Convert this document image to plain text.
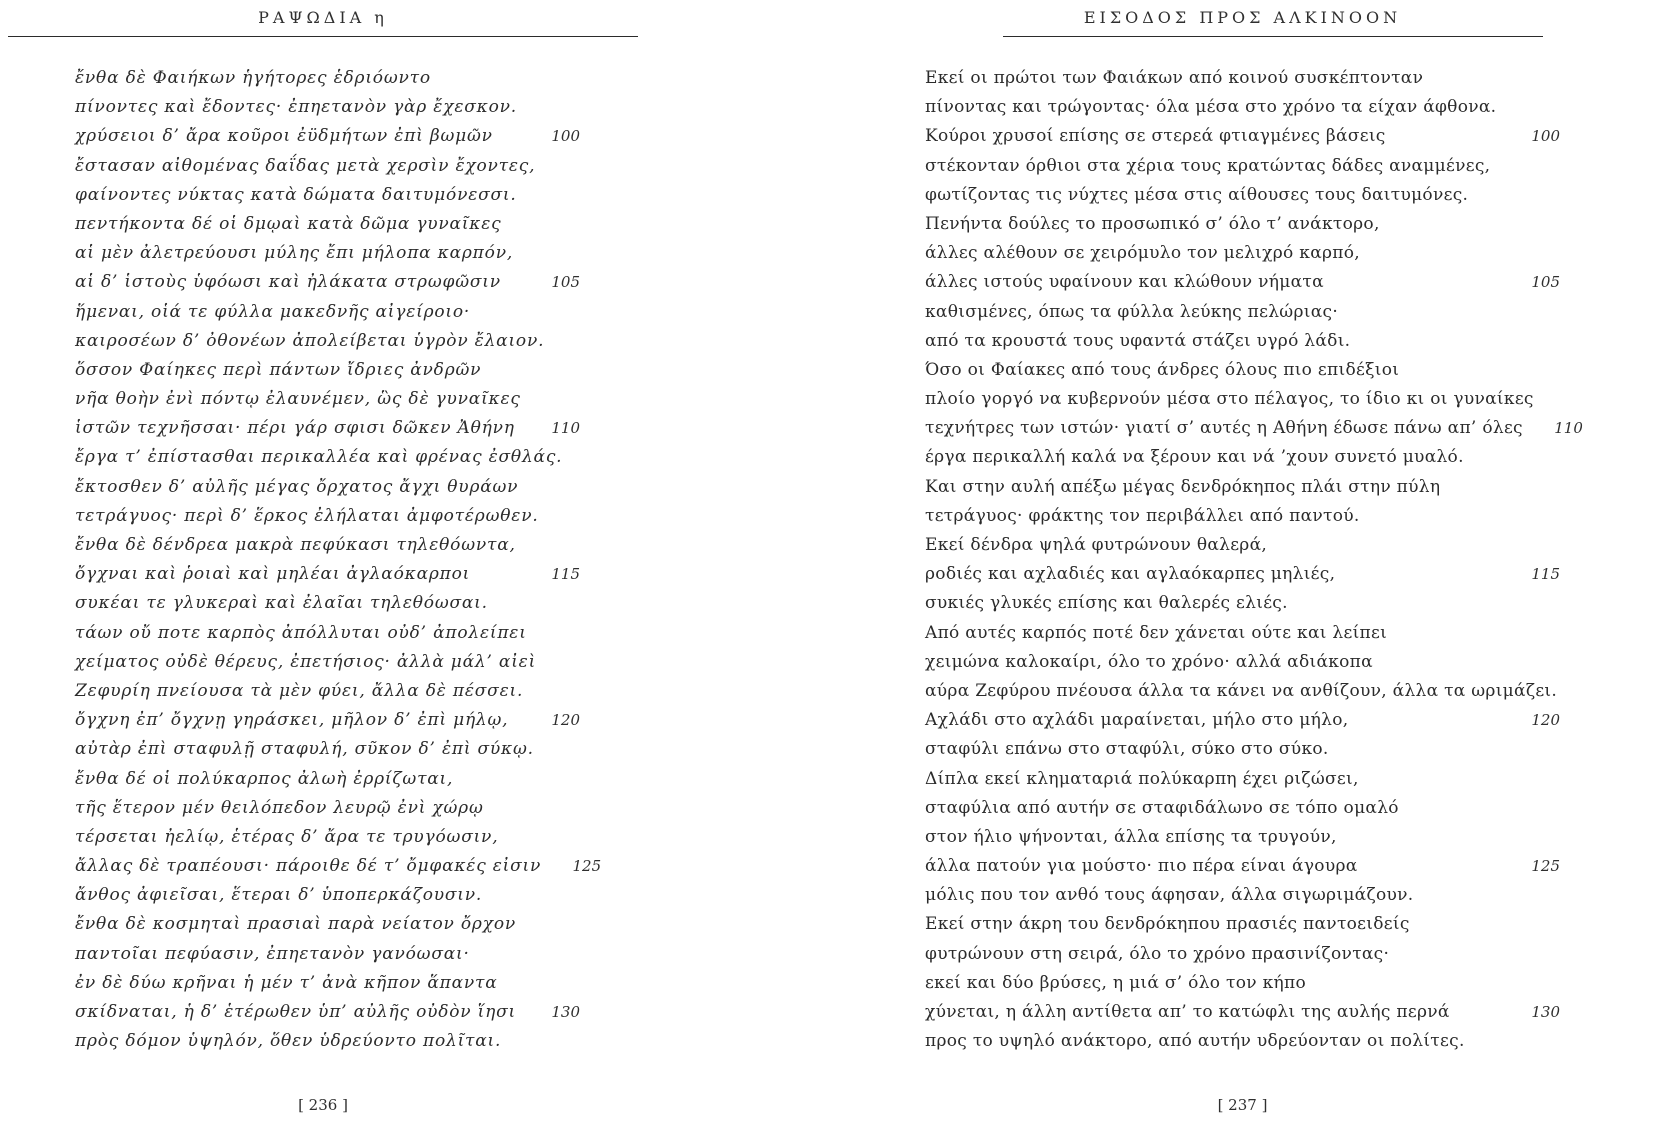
ΡΑΨΩΔΙΑ η
ἔνθα δὲ Φαιήκων ἡγήτορες ἑδριόωντο
πίνοντες καὶ ἔδοντες· ἐπηετανὸν γὰρ ἔχεσκον.
χρύσειοι δ’ ἄρα κοῦροι ἐϋδμήτων ἐπὶ βωμῶν	100
ἔστασαν αἰθομένας δαΐδας μετὰ χερσὶν ἔχοντες,
φαίνοντες νύκτας κατὰ δώματα δαιτυμόνεσσι.
πεντήκοντα δέ οἱ δμῳαὶ κατὰ δῶμα γυναῖκες
αἱ μὲν ἀλετρεύουσι μύλης ἔπι μήλοπα καρπόν,
αἱ δ’ ἱστοὺς ὑφόωσι καὶ ἠλάκατα στρωφῶσιν	105
ἥμεναι, οἱά τε φύλλα μακεδνῆς αἰγείροιο·
καιροσέων δ’ ὀθονέων ἀπολείβεται ὑγρὸν ἔλαιον.
ὅσσον Φαίηκες περὶ πάντων ἴδριες ἀνδρῶν
νῆα θοὴν ἐνὶ πόντῳ ἐλαυνέμεν, ὣς δὲ γυναῖκες
ἱστῶν τεχνῆσσαι· πέρι γάρ σφισι δῶκεν Ἀθήνη	110
ἔργα τ’ ἐπίστασθαι περικαλλέα καὶ φρένας ἐσθλάς.
ἔκτοσθεν δ’ αὐλῆς μέγας ὄρχατος ἄγχι θυράων
τετράγυος· περὶ δ’ ἕρκος ἐλήλαται ἀμφοτέρωθεν.
ἔνθα δὲ δένδρεα μακρὰ πεφύκασι τηλεθόωντα,
ὄγχναι καὶ ῥοιαὶ καὶ μηλέαι ἀγλαόκαρποι	115
συκέαι τε γλυκεραὶ καὶ ἐλαῖαι τηλεθόωσαι.
τάων οὔ ποτε καρπὸς ἀπόλλυται οὐδ’ ἀπολείπει
χείματος οὐδὲ θέρευς, ἐπετήσιος· ἀλλὰ μάλ’ αἰεὶ
Ζεφυρίη πνείουσα τὰ μὲν φύει, ἄλλα δὲ πέσσει.
ὄγχνη ἐπ’ ὄγχνῃ γηράσκει, μῆλον δ’ ἐπὶ μήλῳ,	120
αὐτὰρ ἐπὶ σταφυλῇ σταφυλή, σῦκον δ’ ἐπὶ σύκῳ.
ἔνθα δέ οἱ πολύκαρπος ἀλωὴ ἐρρίζωται,
τῆς ἕτερον μέν θειλόπεδον λευρῷ ἐνὶ χώρῳ
τέρσεται ἠελίῳ, ἑτέρας δ’ ἄρα τε τρυγόωσιν,
ἄλλας δὲ τραπέουσι· πάροιθε δέ τ’ ὄμφακές εἰσιν	125
ἄνθος ἀφιεῖσαι, ἕτεραι δ’ ὑποπερκάζουσιν.
ἔνθα δὲ κοσμηταὶ πρασιαὶ παρὰ νείατον ὄρχον
παντοῖαι πεφύασιν, ἐπηετανὸν γανόωσαι·
ἐν δὲ δύω κρῆναι ἡ μέν τ’ ἀνὰ κῆπον ἅπαντα
σκίδναται, ἡ δ’ ἑτέρωθεν ὑπ’ αὐλῆς οὐδὸν ἵησι	130
πρὸς δόμον ὑψηλόν, ὅθεν ὑδρεύοντο πολῖται.
[ 236 ]
ΕΙΣΟΔΟΣ ΠΡΟΣ ΑΛΚΙΝΟΟΝ
Εκεί οι πρώτοι των Φαιάκων από κοινού συσκέπτονταν
πίνοντας και τρώγοντας· όλα μέσα στο χρόνο τα είχαν άφθονα.
Κούροι χρυσοί επίσης σε στερεά φτιαγμένες βάσεις	100
στέκονταν όρθιοι στα χέρια τους κρατώντας δάδες αναμμένες,
φωτίζοντας τις νύχτες μέσα στις αίθουσες τους δαιτυμόνες.
Πενήντα δούλες το προσωπικό σ’ όλο τ’ ανάκτορο,
άλλες αλέθουν σε χειρόμυλο τον μελιχρό καρπό,
άλλες ιστούς υφαίνουν και κλώθουν νήματα	105
καθισμένες, όπως τα φύλλα λεύκης πελώριας·
από τα κρουστά τους υφαντά στάζει υγρό λάδι.
Όσο οι Φαίακες από τους άνδρες όλους πιο επιδέξιοι
πλοίο γοργό να κυβερνούν μέσα στο πέλαγος, το ίδιο κι οι γυναίκες
τεχνήτρες των ιστών· γιατί σ’ αυτές η Αθήνη έδωσε πάνω απ’ όλες	110
έργα περικαλλή καλά να ξέρουν και νά ’χουν συνετό μυαλό.
Και στην αυλή απέξω μέγας δενδρόκηπος πλάι στην πύλη
τετράγυος· φράκτης τον περιβάλλει από παντού.
Εκεί δένδρα ψηλά φυτρώνουν θαλερά,
ροδιές και αχλαδιές και αγλαόκαρπες μηλιές,	115
συκιές γλυκές επίσης και θαλερές ελιές.
Από αυτές καρπός ποτέ δεν χάνεται ούτε και λείπει
χειμώνα καλοκαίρι, όλο το χρόνο· αλλά αδιάκοπα
αύρα Ζεφύρου πνέουσα άλλα τα κάνει να ανθίζουν, άλλα τα ωριμάζει.
Αχλάδι στο αχλάδι μαραίνεται, μήλο στο μήλο,	120
σταφύλι επάνω στο σταφύλι, σύκο στο σύκο.
Δίπλα εκεί κληματαριά πολύκαρπη έχει ριζώσει,
σταφύλια από αυτήν σε σταφιδάλωνο σε τόπο ομαλό
στον ήλιο ψήνονται, άλλα επίσης τα τρυγούν,
άλλα πατούν για μούστο· πιο πέρα είναι άγουρα	125
μόλις που τον ανθό τους άφησαν, άλλα σιγωριμάζουν.
Εκεί στην άκρη του δενδρόκηπου πρασιές παντοειδείς
φυτρώνουν στη σειρά, όλο το χρόνο πρασινίζοντας·
εκεί και δύο βρύσες, η μιά σ’ όλο τον κήπο
χύνεται, η άλλη αντίθετα απ’ το κατώφλι της αυλής περνά	130
προς το υψηλό ανάκτορο, από αυτήν υδρεύονταν οι πολίτες.
[ 237 ]
